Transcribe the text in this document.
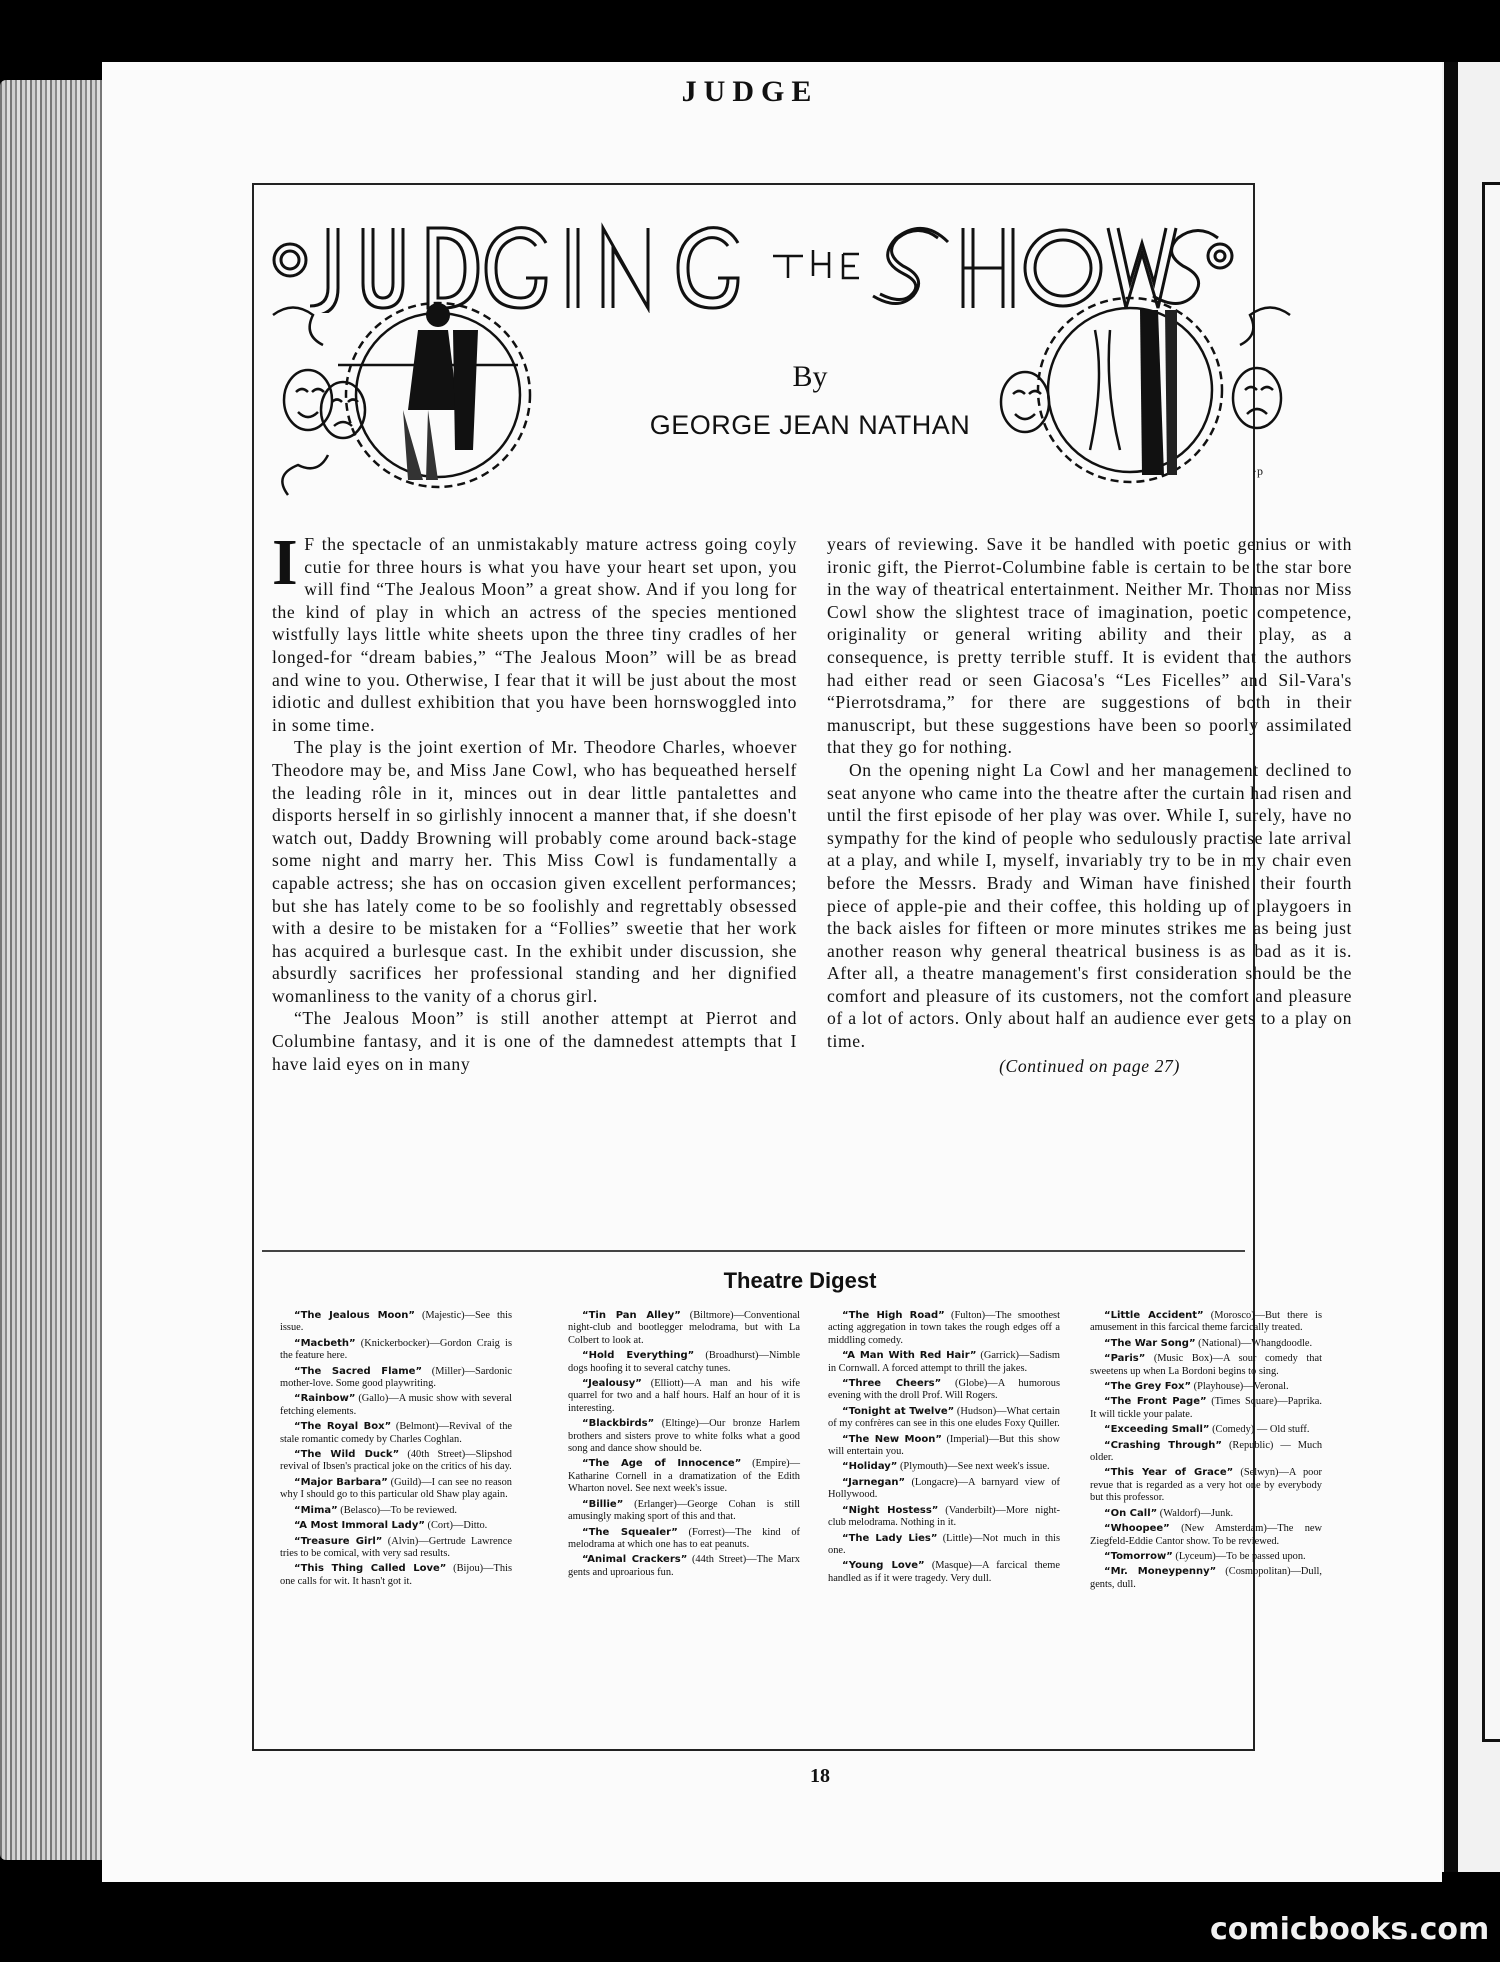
JUDGE
·p
By
GEORGE JEAN NATHAN

I F the spectacle of an unmistakably mature actress going coyly cutie for three hours is what you have your heart set upon, you will find “The Jealous Moon” a great show. And if you long for the kind of play in which an actress of the species mentioned wistfully lays little white sheets upon the three tiny cradles of her longed-for “dream babies,” “The Jealous Moon” will be as bread and wine to you. Otherwise, I fear that it will be just about the most idiotic and dullest exhibition that you have been hornswoggled into in some time.

The play is the joint exertion of Mr. Theodore Charles, whoever Theodore may be, and Miss Jane Cowl, who has bequeathed herself the leading rôle in it, minces out in dear little pantalettes and disports herself in so girlishly innocent a manner that, if she doesn't watch out, Daddy Browning will probably come around back-stage some night and marry her. This Miss Cowl is fundamentally a capable actress; she has on occasion given excellent performances; but she has lately come to be so foolishly and regrettably obsessed with a desire to be mistaken for a “Follies” sweetie that her work has acquired a burlesque cast. In the exhibit under discussion, she absurdly sacrifices her professional standing and her dignified womanliness to the vanity of a chorus girl.

“The Jealous Moon” is still another attempt at Pierrot and Columbine fantasy, and it is one of the damnedest attempts that I have laid eyes on in many

years of reviewing. Save it be handled with poetic genius or with ironic gift, the Pierrot-Columbine fable is certain to be the star bore in the way of theatrical entertainment. Neither Mr. Thomas nor Miss Cowl show the slightest trace of imagination, poetic competence, originality or general writing ability and their play, as a consequence, is pretty terrible stuff. It is evident that the authors had either read or seen Giacosa's “Les Ficelles” and Sil-Vara's “Pierrotsdrama,” for there are suggestions of both in their manuscript, but these suggestions have been so poorly assimilated that they go for nothing.

On the opening night La Cowl and her management declined to seat anyone who came into the theatre after the curtain had risen and until the first episode of her play was over. While I, surely, have no sympathy for the kind of people who sedulously practise late arrival at a play, and while I, myself, invariably try to be in my chair even before the Messrs. Brady and Wiman have finished their fourth piece of apple-pie and their coffee, this holding up of playgoers in the back aisles for fifteen or more minutes strikes me as being just another reason why general theatrical business is as bad as it is. After all, a theatre management's first consideration should be the comfort and pleasure of its customers, not the comfort and pleasure of a lot of actors. Only about half an audience ever gets to a play on time.

(Continued on page 27)

Theatre Digest

“The Jealous Moon” (Majestic)—See this issue.

“Macbeth” (Knickerbocker)—Gordon Craig is the feature here.

“The Sacred Flame” (Miller)—Sardonic mother-love. Some good playwriting.

“Rainbow” (Gallo)—A music show with several fetching elements.

“The Royal Box” (Belmont)—Revival of the stale romantic comedy by Charles Coghlan.

“The Wild Duck” (40th Street)—Slipshod revival of Ibsen's practical joke on the critics of his day.

“Major Barbara” (Guild)—I can see no reason why I should go to this particular old Shaw play again.

“Mima” (Belasco)—To be reviewed.

“A Most Immoral Lady” (Cort)—Ditto.

“Treasure Girl” (Alvin)—Gertrude Lawrence tries to be comical, with very sad results.

“This Thing Called Love” (Bijou)—This one calls for wit. It hasn't got it.

“Tin Pan Alley” (Biltmore)—Conventional night-club and bootlegger melodrama, but with La Colbert to look at.

“Hold Everything” (Broadhurst)—Nimble dogs hoofing it to several catchy tunes.

“Jealousy” (Elliott)—A man and his wife quarrel for two and a half hours. Half an hour of it is interesting.

“Blackbirds” (Eltinge)—Our bronze Harlem brothers and sisters prove to white folks what a good song and dance show should be.

“The Age of Innocence” (Empire)—Katharine Cornell in a dramatization of the Edith Wharton novel. See next week's issue.

“Billie” (Erlanger)—George Cohan is still amusingly making sport of this and that.

“The Squealer” (Forrest)—The kind of melodrama at which one has to eat peanuts.

“Animal Crackers” (44th Street)—The Marx gents and uproarious fun.

“The High Road” (Fulton)—The smoothest acting aggregation in town takes the rough edges off a middling comedy.

“A Man With Red Hair” (Garrick)—Sadism in Cornwall. A forced attempt to thrill the jakes.

“Three Cheers” (Globe)—A humorous evening with the droll Prof. Will Rogers.

“Tonight at Twelve” (Hudson)—What certain of my confrères can see in this one eludes Foxy Quiller.

“The New Moon” (Imperial)—But this show will entertain you.

“Holiday” (Plymouth)—See next week's issue.

“Jarnegan” (Longacre)—A barnyard view of Hollywood.

“Night Hostess” (Vanderbilt)—More night-club melodrama. Nothing in it.

“The Lady Lies” (Little)—Not much in this one.

“Young Love” (Masque)—A farcical theme handled as if it were tragedy. Very dull.

“Little Accident” (Morosco)—But there is amusement in this farcical theme farcically treated.

“The War Song” (National)—Whangdoodle.

“Paris” (Music Box)—A sour comedy that sweetens up when La Bordoni begins to sing.

“The Grey Fox” (Playhouse)—Veronal.

“The Front Page” (Times Square)—Paprika. It will tickle your palate.

“Exceeding Small” (Comedy) — Old stuff.

“Crashing Through” (Republic) — Much older.

“This Year of Grace” (Selwyn)—A poor revue that is regarded as a very hot one by everybody but this professor.

“On Call” (Waldorf)—Junk.

“Whoopee” (New Amsterdam)—The new Ziegfeld-Eddie Cantor show. To be reviewed.

“Tomorrow” (Lyceum)—To be passed upon.

“Mr. Moneypenny” (Cosmopolitan)—Dull, gents, dull.

18
comicbooks.com
